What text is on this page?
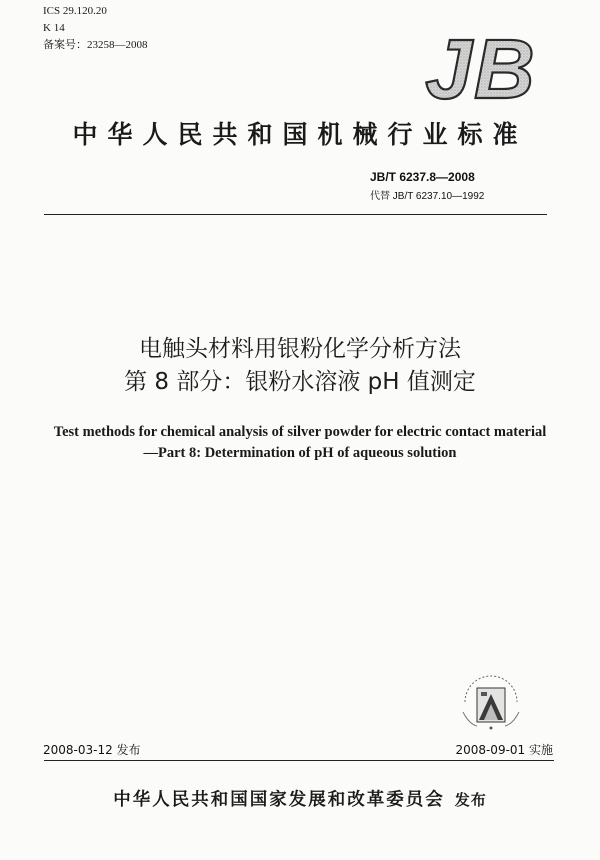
ICS 29.120.20
K 14
备案号：23258—2008	JB
中华人民共和国机械行业标准
JB/T 6237.8—2008
代替 JB/T 6237.10—1992
电触头材料用银粉化学分析方法
第 8 部分：银粉水溶液 pH 值测定
Test methods for chemical analysis of silver powder for electric contact material
—Part 8: Determination of pH of aqueous solution
2008-03-12 发布	2008-09-01 实施
中华人民共和国国家发展和改革委员会 发布
